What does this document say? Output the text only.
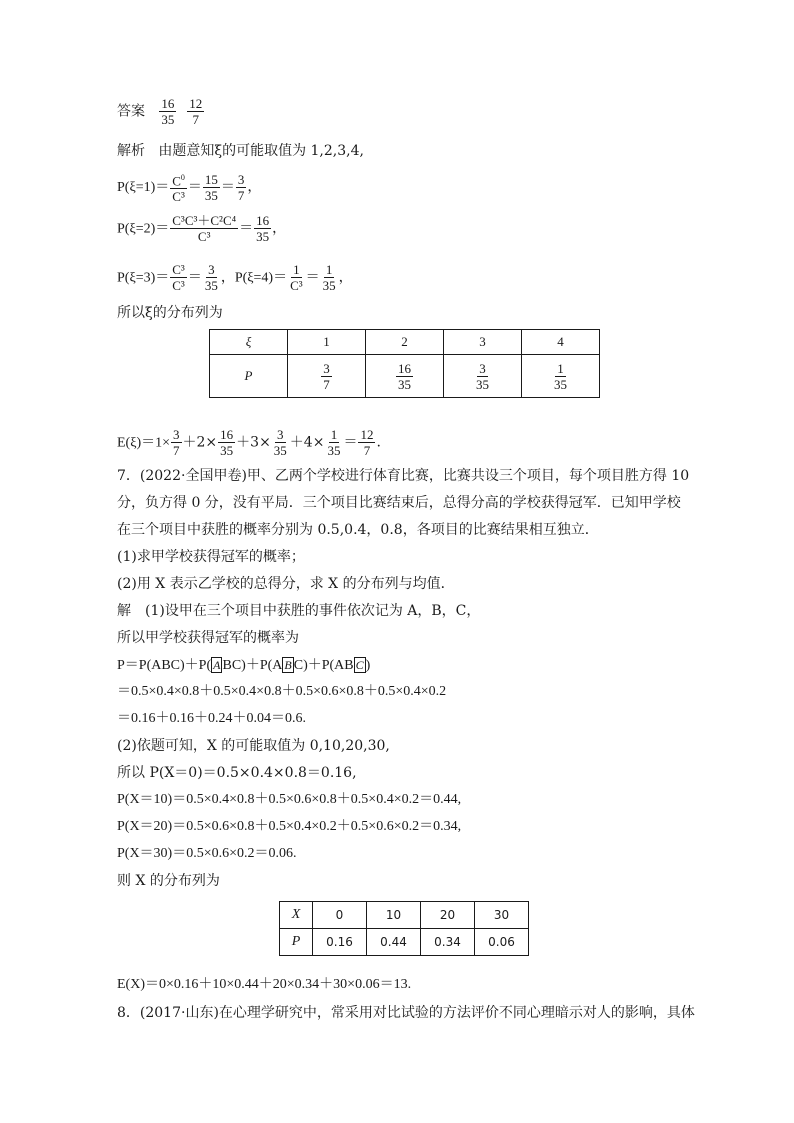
答案 $\frac{16}{35}$
$\frac{12}{7}$
解析 由题意知ξ的可能取值为 1,2,3,4,
$P(\xi=1)= \frac{C^0}{\text{C³}} = \frac{15}{35} = \frac{3}{7}$ ，
$P(\xi=2)= \frac{\text{C³C³＋C²C⁴}}{\text{C³}} = \frac{16}{35}$ ，
$P(\xi=3)= \frac{\text{C³}}{\text{C³}} = \frac{3}{35}$ ，$P(\xi=4)= \frac{1}{\text{C³}} = \frac{1}{35}$ ，
所以ξ的分布列为
ξ	1	2	3	4
P	$\frac{3}{7}$	$\frac{16}{35}$	$\frac{3}{35}$	$\frac{1}{35}$
$E(\xi)=1\times \frac{3}{7} +2\times \frac{16}{35} +3\times \frac{3}{35} +4\times \frac{1}{35} = \frac{12}{7}$ .
7．(2022·全国甲卷)甲、乙两个学校进行体育比赛，比赛共设三个项目，每个项目胜方得 10
分，负方得 0 分，没有平局．三个项目比赛结束后，总得分高的学校获得冠军．已知甲学校
在三个项目中获胜的概率分别为 0.5,0.4，0.8，各项目的比赛结果相互独立．
(1)求甲学校获得冠军的概率；
(2)用 X 表示乙学校的总得分，求 X 的分布列与均值．
解　(1)设甲在三个项目中获胜的事件依次记为 A，B，C，
所以甲学校获得冠军的概率为
P＝P(ABC)＋P( A BC)＋P(A B C)＋P(AB C )
＝0.5×0.4×0.8＋0.5×0.4×0.8＋0.5×0.6×0.8＋0.5×0.4×0.2
＝0.16＋0.16＋0.24＋0.04＝0.6.
(2)依题可知，X 的可能取值为 0,10,20,30,
所以 P(X＝0)＝0.5×0.4×0.8＝0.16,
P(X＝10)＝0.5×0.4×0.8＋0.5×0.6×0.8＋0.5×0.4×0.2＝0.44,
P(X＝20)＝0.5×0.6×0.8＋0.5×0.4×0.2＋0.5×0.6×0.2＝0.34,
P(X＝30)＝0.5×0.6×0.2＝0.06.
则 X 的分布列为
X	0	10	20	30
P	0.16	0.44	0.34	0.06
E(X)＝0×0.16＋10×0.44＋20×0.34＋30×0.06＝13.
8．(2017·山东)在心理学研究中，常采用对比试验的方法评价不同心理暗示对人的影响，具体
